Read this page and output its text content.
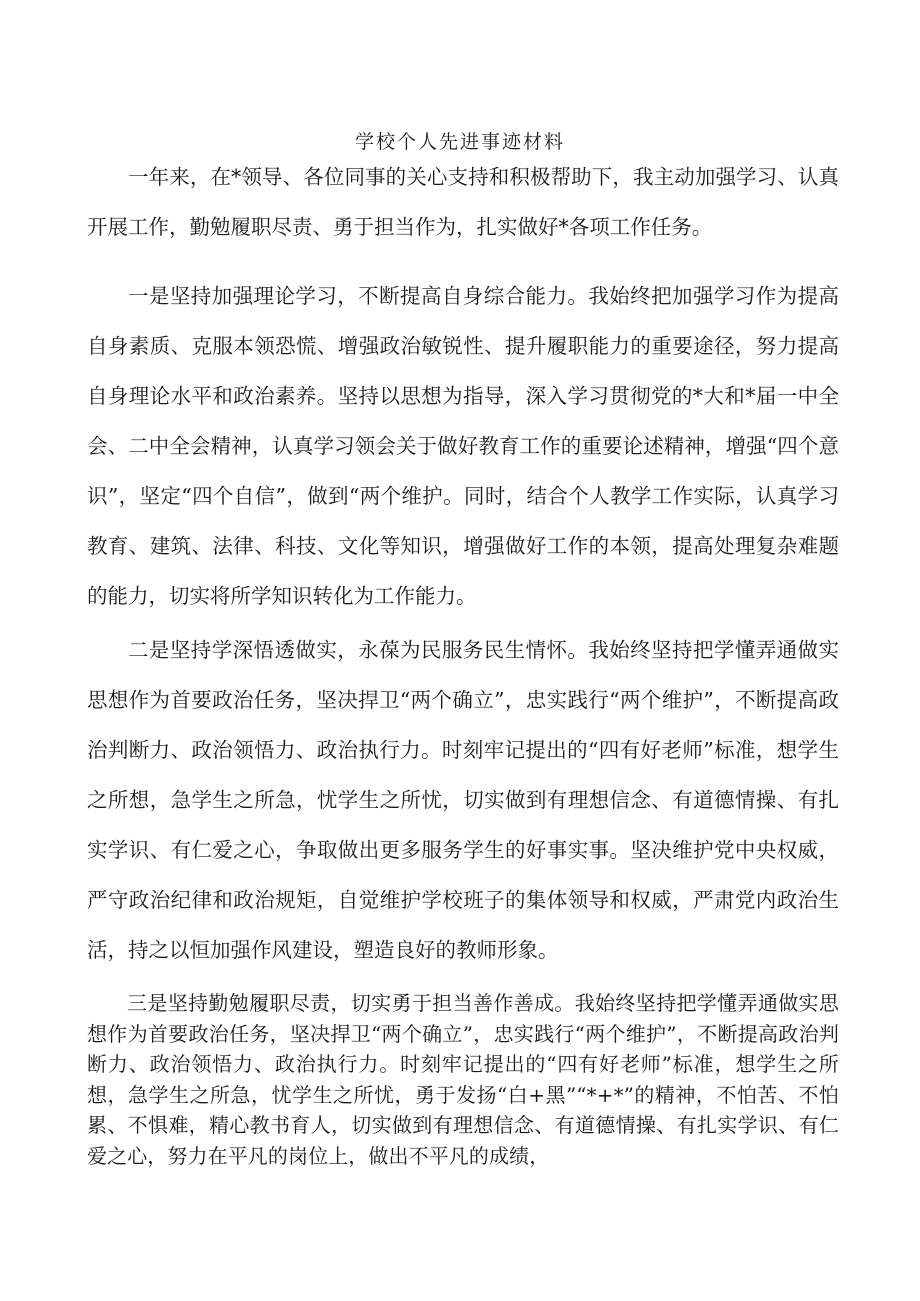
学校个人先进事迹材料

一年来，在*领导、各位同事的关心支持和积极帮助下，我主动加强学习、认真开展工作，勤勉履职尽责、勇于担当作为，扎实做好*各项工作任务。

一是坚持加强理论学习，不断提高自身综合能力。我始终把加强学习作为提高自身素质、克服本领恐慌、增强政治敏锐性、提升履职能力的重要途径，努力提高自身理论水平和政治素养。坚持以思想为指导，深入学习贯彻党的*大和*届一中全会、二中全会精神，认真学习领会关于做好教育工作的重要论述精神，增强“四个意识”，坚定“四个自信”，做到“两个维护。同时，结合个人教学工作实际，认真学习教育、建筑、法律、科技、文化等知识，增强做好工作的本领，提高处理复杂难题的能力，切实将所学知识转化为工作能力。

二是坚持学深悟透做实，永葆为民服务民生情怀。我始终坚持把学懂弄通做实思想作为首要政治任务，坚决捍卫“两个确立”，忠实践行“两个维护”，不断提高政治判断力、政治领悟力、政治执行力。时刻牢记提出的“四有好老师”标准，想学生之所想，急学生之所急，忧学生之所忧，切实做到有理想信念、有道德情操、有扎实学识、有仁爱之心，争取做出更多服务学生的好事实事。坚决维护党中央权威，严守政治纪律和政治规矩，自觉维护学校班子的集体领导和权威，严肃党内政治生活，持之以恒加强作风建设，塑造良好的教师形象。

三是坚持勤勉履职尽责，切实勇于担当善作善成。我始终坚持把学懂弄通做实思想作为首要政治任务，坚决捍卫“两个确立”，忠实践行“两个维护”，不断提高政治判断力、政治领悟力、政治执行力。时刻牢记提出的“四有好老师”标准，想学生之所想，急学生之所急，忧学生之所忧，勇于发扬“白+黑”“*+*”的精神，不怕苦、不怕累、不惧难，精心教书育人，切实做到有理想信念、有道德情操、有扎实学识、有仁爱之心，努力在平凡的岗位上，做出不平凡的成绩，
